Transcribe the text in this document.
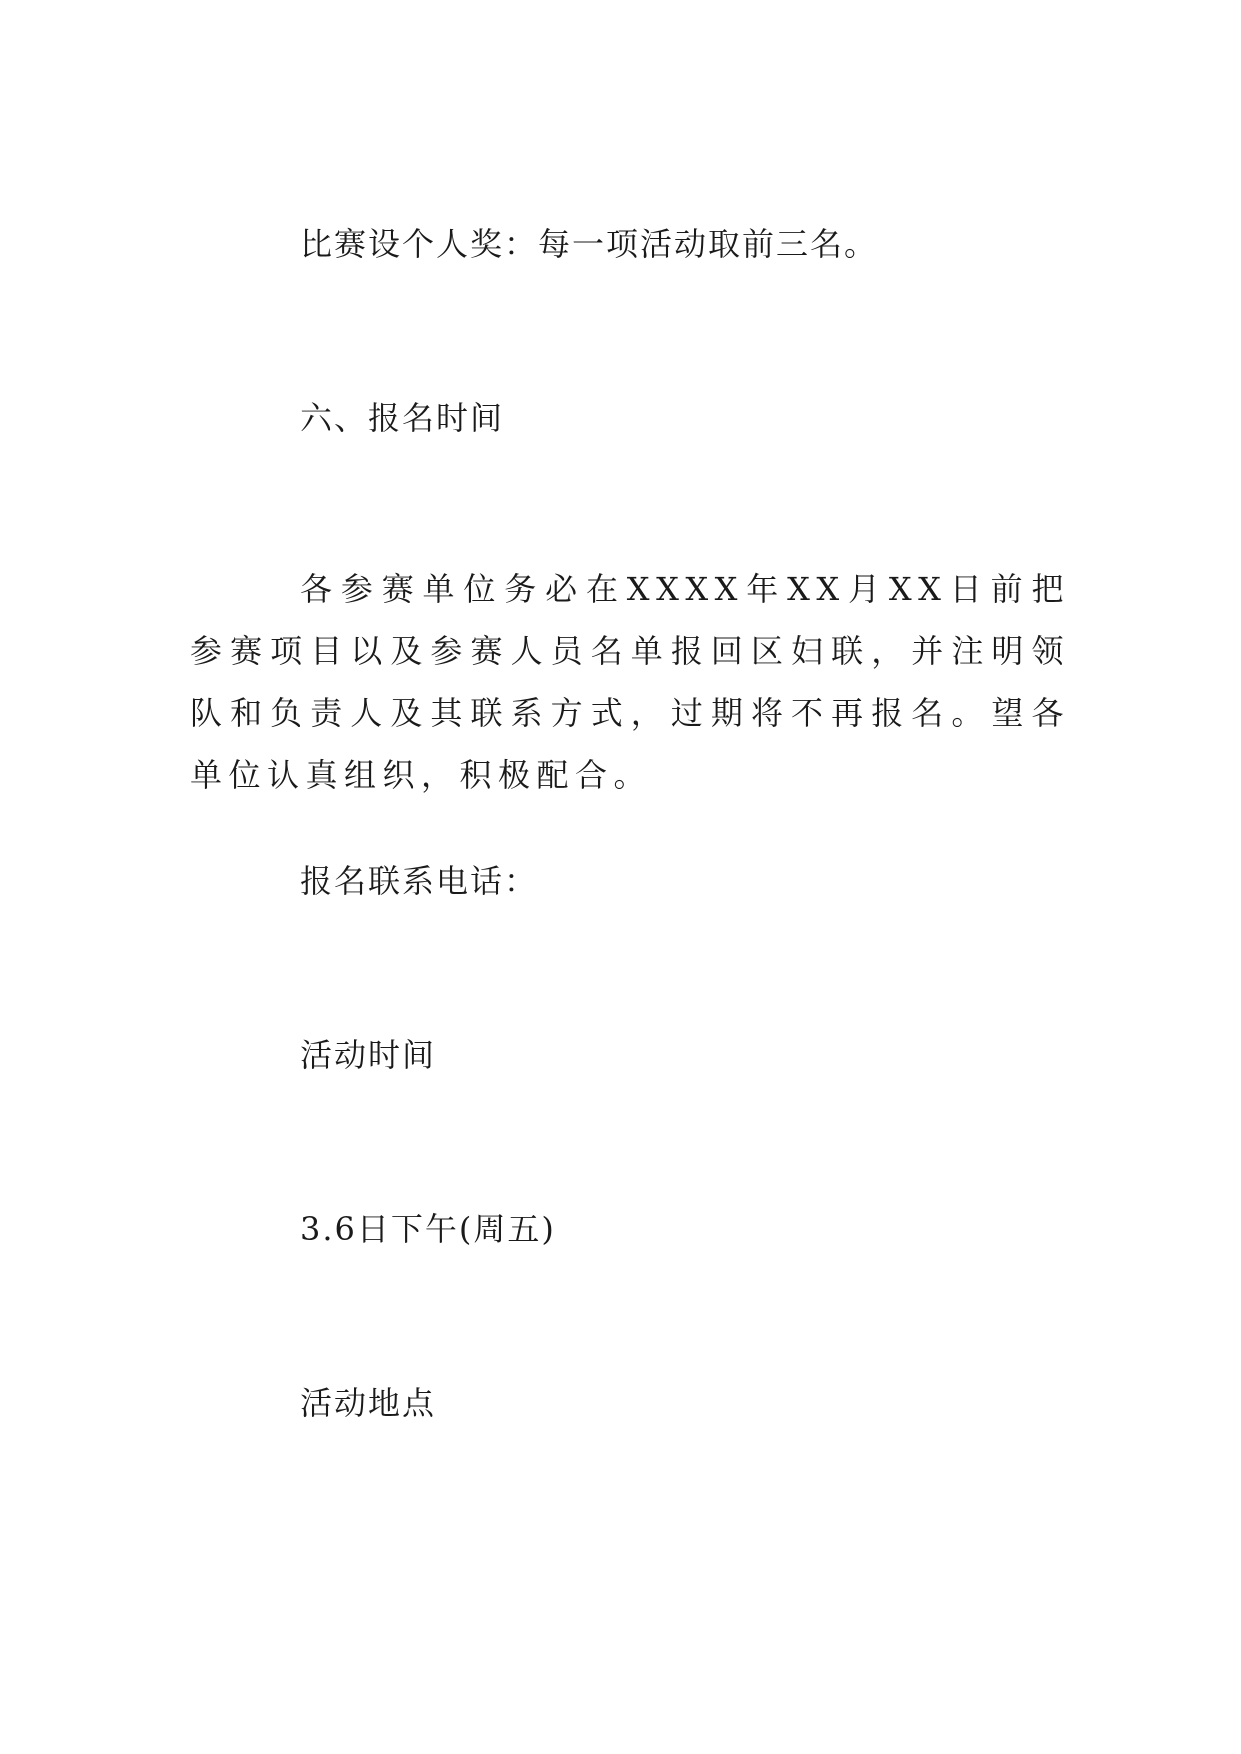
比赛设个人奖：每一项活动取前三名。
六、报名时间
各参赛单位务必在XXXX年XX月XX日前把参赛项目以及参赛人员名单报回区妇联，并注明领队和负责人及其联系方式，过期将不再报名。望各单位认真组织，积极配合。
报名联系电话：
活动时间
3.6日下午(周五)
活动地点
